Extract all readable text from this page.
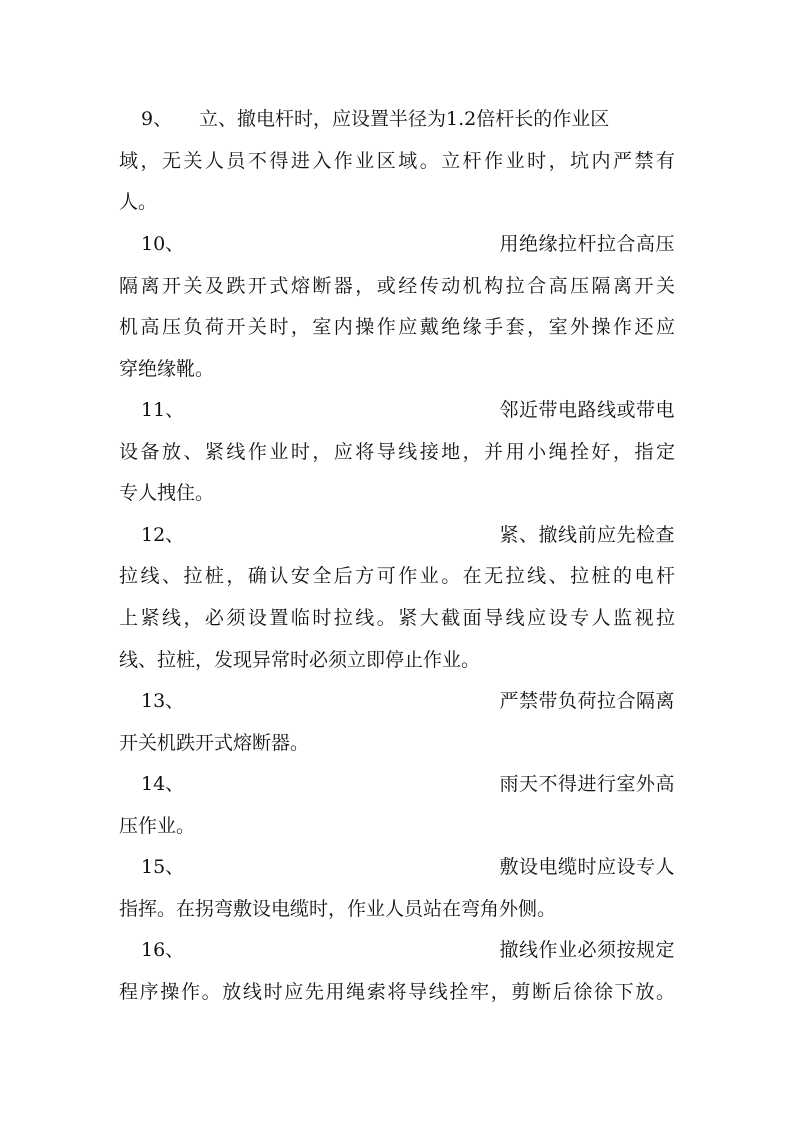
9、 立、撤电杆时，应设置半径为1.2倍杆长的作业区
域，无关人员不得进入作业区域。立杆作业时，坑内严禁有
人。
10、	用绝缘拉杆拉合高压
隔离开关及跌开式熔断器，或经传动机构拉合高压隔离开关
机高压负荷开关时，室内操作应戴绝缘手套，室外操作还应
穿绝缘靴。
11、	邻近带电路线或带电
设备放、紧线作业时，应将导线接地，并用小绳拴好，指定
专人拽住。
12、	紧、撤线前应先检查
拉线、拉桩，确认安全后方可作业。在无拉线、拉桩的电杆
上紧线，必须设置临时拉线。紧大截面导线应设专人监视拉
线、拉桩，发现异常时必须立即停止作业。
13、	严禁带负荷拉合隔离
开关机跌开式熔断器。
14、	雨天不得进行室外高
压作业。
15、	敷设电缆时应设专人
指挥。在拐弯敷设电缆时，作业人员站在弯角外侧。
16、	撤线作业必须按规定
程序操作。放线时应先用绳索将导线拴牢，剪断后徐徐下放。
